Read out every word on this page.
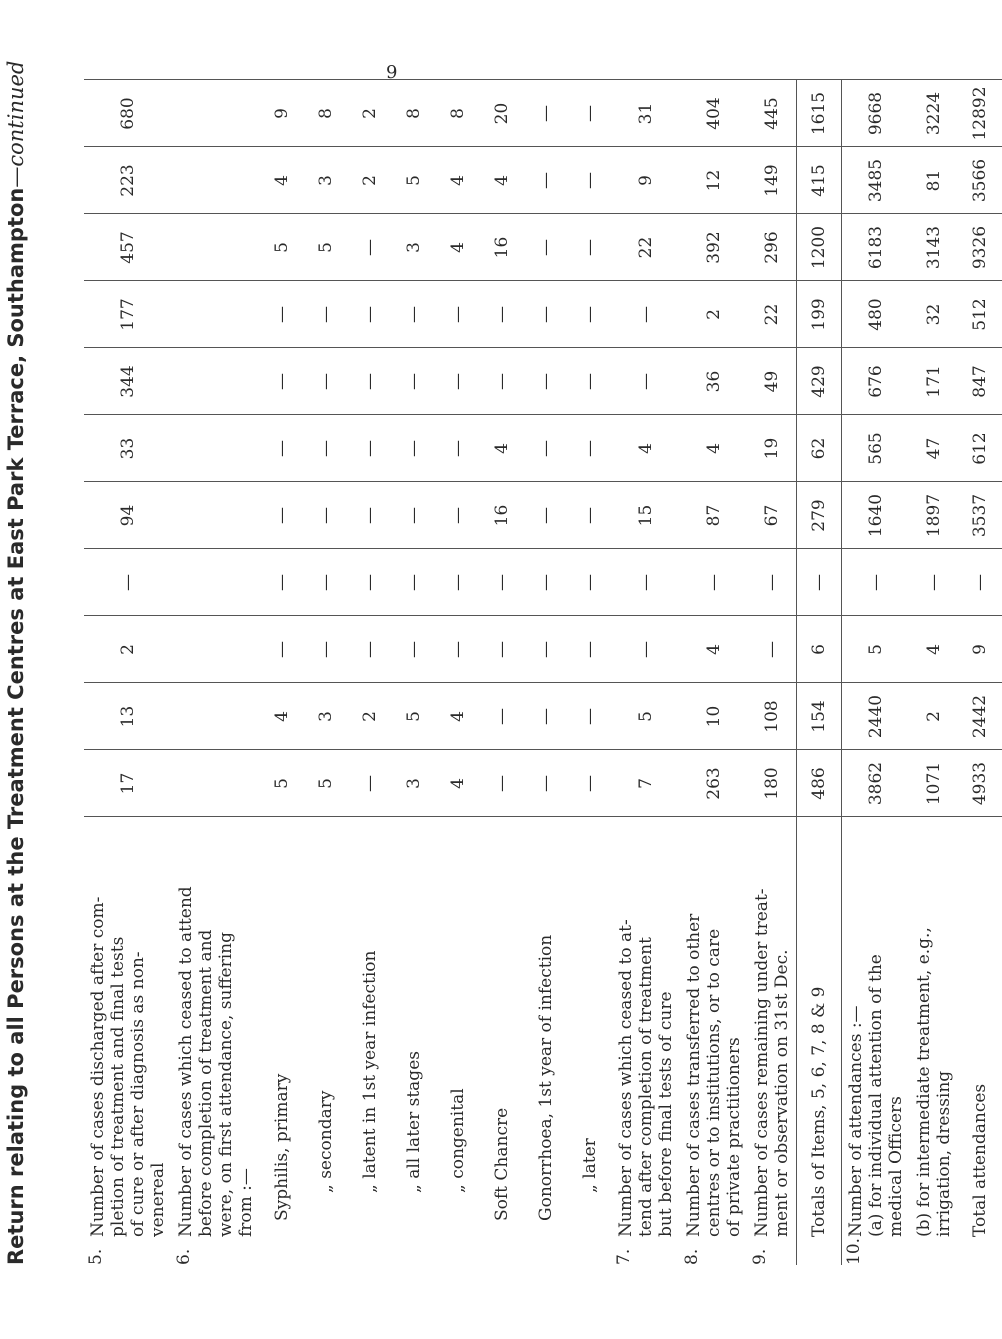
9
Return relating to all Persons at the Treatment Centres at East Park Terrace, Southampton—continued
5.
Number of cases discharged after com- pletion of treatment and final tests of cure or after diagnosis as non- venereal	17	13	2	—	94	33	344	177	457	223	680

6.
Number of cases which ceased to attend before completion of treatment and were, on first attendance, suffering from :—											

Syphilis, primary	5	4	—	—	—	—	—	—	5	4	9

„ secondary	5	3	—	—	—	—	—	—	5	3	8

„ latent in 1st year infection	—	2	—	—	—	—	—	—	—	2	2

„ all later stages	3	5	—	—	—	—	—	—	3	5	8

„ congenital	4	4	—	—	—	—	—	—	4	4	8

Soft Chancre	—	—	—	—	16	4	—	—	16	4	20

Gonorrhoea, 1st year of infection	—	—	—	—	—	—	—	—	—	—	—

„ later	—	—	—	—	—	—	—	—	—	—	—

7.
Number of cases which ceased to at- tend after completion of treatment but before final tests of cure	7	5	—	—	15	4	—	—	22	9	31

8.
Number of cases transferred to other centres or to institutions, or to care of private practitioners	263	10	4	—	87	4	36	2	392	12	404

9.
Number of cases remaining under treat- ment or observation on 31st Dec.	180	108	—	—	67	19	49	22	296	149	445

Totals of Items, 5, 6, 7, 8 & 9	486	154	6	—	279	62	429	199	1200	415	1615

10.
Number of attendances :— (a) for individual attention of the medical Officers	3862	2440	5	—	1640	565	676	480	6183	3485	9668

(b) for intermediate treatment, e.g., irrigation, dressing	1071	2	4	—	1897	47	171	32	3143	81	3224

Total attendances	4933	2442	9	—	3537	612	847	512	9326	3566	12892
